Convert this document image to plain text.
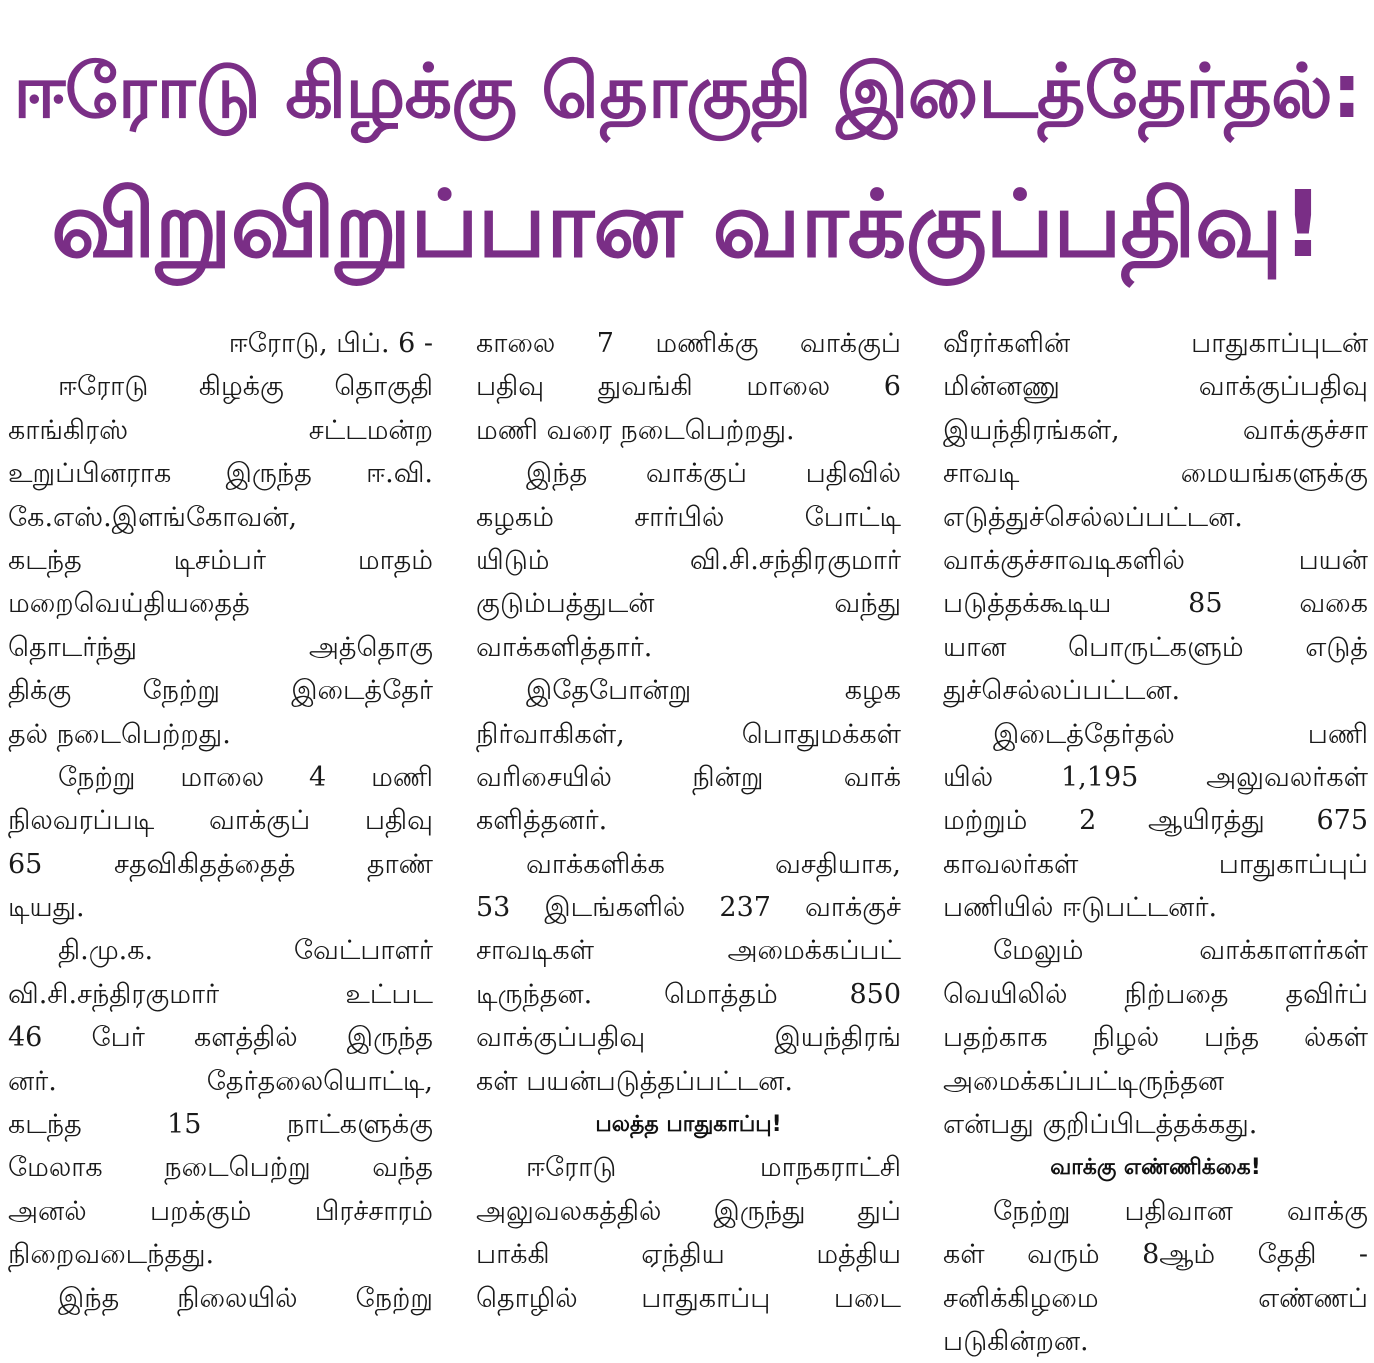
ஈரோடு கிழக்கு தொகுதி இடைத்தேர்தல்:
விறுவிறுப்பான வாக்குப்பதிவு!
ஈரோடு, பிப். 6 -
ஈரோடு கிழக்கு தொகுதி
காங்கிரஸ் சட்டமன்ற
உறுப்பினராக இருந்த ஈ.வி.
கே.எஸ்.இளங்கோவன்,
கடந்த டிசம்பர் மாதம்
மறைவெய்தியதைத்
தொடர்ந்து அத்தொகு
திக்கு நேற்று இடைத்தேர்
தல் நடைபெற்றது.
நேற்று மாலை 4 மணி
நிலவரப்படி வாக்குப் பதிவு
65 சதவிகிதத்தைத் தாண்
டியது.
தி.மு.க. வேட்பாளர்
வி.சி.சந்திரகுமார் உட்பட
46 பேர் களத்தில் இருந்த
னர். தேர்தலையொட்டி,
கடந்த 15 நாட்களுக்கு
மேலாக நடைபெற்று வந்த
அனல் பறக்கும் பிரச்சாரம்
நிறைவடைந்தது.
இந்த நிலையில் நேற்று
காலை 7 மணிக்கு வாக்குப்
பதிவு துவங்கி மாலை 6
மணி வரை நடைபெற்றது.
இந்த வாக்குப் பதிவில்
கழகம் சார்பில் போட்டி
யிடும் வி.சி.சந்திரகுமார்
குடும்பத்துடன் வந்து
வாக்களித்தார்.
இதேபோன்று கழக
நிர்வாகிகள், பொதுமக்கள்
வரிசையில் நின்று வாக்
களித்தனர்.
வாக்களிக்க வசதியாக,
53 இடங்களில் 237 வாக்குச்
சாவடிகள் அமைக்கப்பட்
டிருந்தன. மொத்தம் 850
வாக்குப்பதிவு இயந்திரங்
கள் பயன்படுத்தப்பட்டன.
பலத்த பாதுகாப்பு!
ஈரோடு மாநகராட்சி
அலுவலகத்தில் இருந்து துப்
பாக்கி ஏந்திய மத்திய
தொழில் பாதுகாப்பு படை
வீரர்களின் பாதுகாப்புடன்
மின்னணு வாக்குப்பதிவு
இயந்திரங்கள், வாக்குச்சா
சாவடி மையங்களுக்கு
எடுத்துச்செல்லப்பட்டன.
வாக்குச்சாவடிகளில் பயன்
படுத்தக்கூடிய 85 வகை
யான பொருட்களும் எடுத்
துச்செல்லப்பட்டன.
இடைத்தேர்தல் பணி
யில் 1,195 அலுவலர்கள்
மற்றும் 2 ஆயிரத்து 675
காவலர்கள் பாதுகாப்புப்
பணியில் ஈடுபட்டனர்.
மேலும் வாக்காளர்கள்
வெயிலில் நிற்பதை தவிர்ப்
பதற்காக நிழல் பந்த ல்கள்
அமைக்கப்பட்டிருந்தன
என்பது குறிப்பிடத்தக்கது.
வாக்கு எண்ணிக்கை!
நேற்று பதிவான வாக்கு
கள் வரும் 8ஆம் தேதி -
சனிக்கிழமை எண்ணப்
படுகின்றன.
